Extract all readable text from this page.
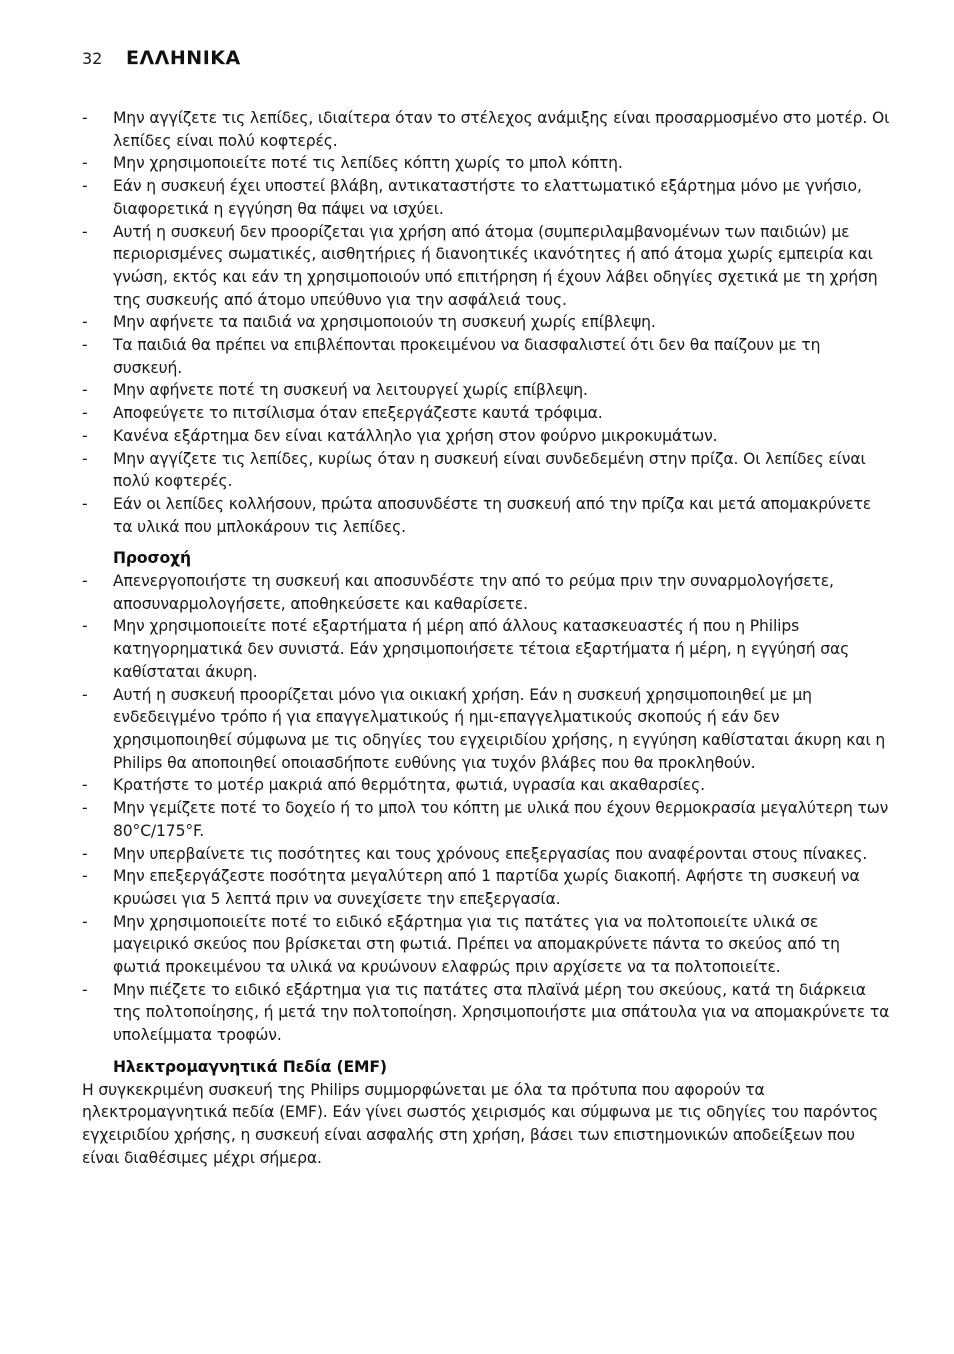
32	ΕΛΛΗΝΙΚΑ
- Μην αγγίζετε τις λεπίδες, ιδιαίτερα όταν το στέλεχος ανάμιξης είναι προσαρμοσμένο στο μοτέρ. Οι λεπίδες είναι πολύ κοφτερές.
- Μην χρησιμοποιείτε ποτέ τις λεπίδες κόπτη χωρίς το μπολ κόπτη.
- Εάν η συσκευή έχει υποστεί βλάβη, αντικαταστήστε το ελαττωματικό εξάρτημα μόνο με γνήσιο, διαφορετικά η εγγύηση θα πάψει να ισχύει.
- Αυτή η συσκευή δεν προορίζεται για χρήση από άτομα (συμπεριλαμβανομένων των παιδιών) με περιορισμένες σωματικές, αισθητήριες ή διανοητικές ικανότητες ή από άτομα χωρίς εμπειρία και γνώση, εκτός και εάν τη χρησιμοποιούν υπό επιτήρηση ή έχουν λάβει οδηγίες σχετικά με τη χρήση της συσκευής από άτομο υπεύθυνο για την ασφάλειά τους.
- Μην αφήνετε τα παιδιά να χρησιμοποιούν τη συσκευή χωρίς επίβλεψη.
- Τα παιδιά θα πρέπει να επιβλέπονται προκειμένου να διασφαλιστεί ότι δεν θα παίζουν με τη συσκευή.
- Μην αφήνετε ποτέ τη συσκευή να λειτουργεί χωρίς επίβλεψη.
- Αποφεύγετε το πιτσίλισμα όταν επεξεργάζεστε καυτά τρόφιμα.
- Κανένα εξάρτημα δεν είναι κατάλληλο για χρήση στον φούρνο μικροκυμάτων.
- Μην αγγίζετε τις λεπίδες, κυρίως όταν η συσκευή είναι συνδεδεμένη στην πρίζα. Οι λεπίδες είναι πολύ κοφτερές.
- Εάν οι λεπίδες κολλήσουν, πρώτα αποσυνδέστε τη συσκευή από την πρίζα και μετά απομακρύνετε τα υλικά που μπλοκάρουν τις λεπίδες.
Προσοχή
- Απενεργοποιήστε τη συσκευή και αποσυνδέστε την από το ρεύμα πριν την συναρμολογήσετε, αποσυναρμολογήσετε, αποθηκεύσετε και καθαρίσετε.
- Μην χρησιμοποιείτε ποτέ εξαρτήματα ή μέρη από άλλους κατασκευαστές ή που η Philips κατηγορηματικά δεν συνιστά. Εάν χρησιμοποιήσετε τέτοια εξαρτήματα ή μέρη, η εγγύησή σας καθίσταται άκυρη.
- Αυτή η συσκευή προορίζεται μόνο για οικιακή χρήση. Εάν η συσκευή χρησιμοποιηθεί με μη ενδεδειγμένο τρόπο ή για επαγγελματικούς ή ημι-επαγγελματικούς σκοπούς ή εάν δεν χρησιμοποιηθεί σύμφωνα με τις οδηγίες του εγχειριδίου χρήσης, η εγγύηση καθίσταται άκυρη και η Philips θα αποποιηθεί οποιασδήποτε ευθύνης για τυχόν βλάβες που θα προκληθούν.
- Κρατήστε το μοτέρ μακριά από θερμότητα, φωτιά, υγρασία και ακαθαρσίες.
- Μην γεμίζετε ποτέ το δοχείο ή το μπολ του κόπτη με υλικά που έχουν θερμοκρασία μεγαλύτερη των 80°C/175°F.
- Μην υπερβαίνετε τις ποσότητες και τους χρόνους επεξεργασίας που αναφέρονται στους πίνακες.
- Μην επεξεργάζεστε ποσότητα μεγαλύτερη από 1 παρτίδα χωρίς διακοπή. Αφήστε τη συσκευή να κρυώσει για 5 λεπτά πριν να συνεχίσετε την επεξεργασία.
- Μην χρησιμοποιείτε ποτέ το ειδικό εξάρτημα για τις πατάτες για να πολτοποιείτε υλικά σε μαγειρικό σκεύος που βρίσκεται στη φωτιά. Πρέπει να απομακρύνετε πάντα το σκεύος από τη φωτιά προκειμένου τα υλικά να κρυώνουν ελαφρώς πριν αρχίσετε να τα πολτοποιείτε.
- Μην πιέζετε το ειδικό εξάρτημα για τις πατάτες στα πλαϊνά μέρη του σκεύους, κατά τη διάρκεια της πολτοποίησης, ή μετά την πολτοποίηση. Χρησιμοποιήστε μια σπάτουλα για να απομακρύνετε τα υπολείμματα τροφών.
Ηλεκτρομαγνητικά Πεδία (EMF)

Η συγκεκριμένη συσκευή της Philips συμμορφώνεται με όλα τα πρότυπα που αφορούν τα ηλεκτρομαγνητικά πεδία (EMF). Εάν γίνει σωστός χειρισμός και σύμφωνα με τις οδηγίες του παρόντος εγχειριδίου χρήσης, η συσκευή είναι ασφαλής στη χρήση, βάσει των επιστημονικών αποδείξεων που είναι διαθέσιμες μέχρι σήμερα.
